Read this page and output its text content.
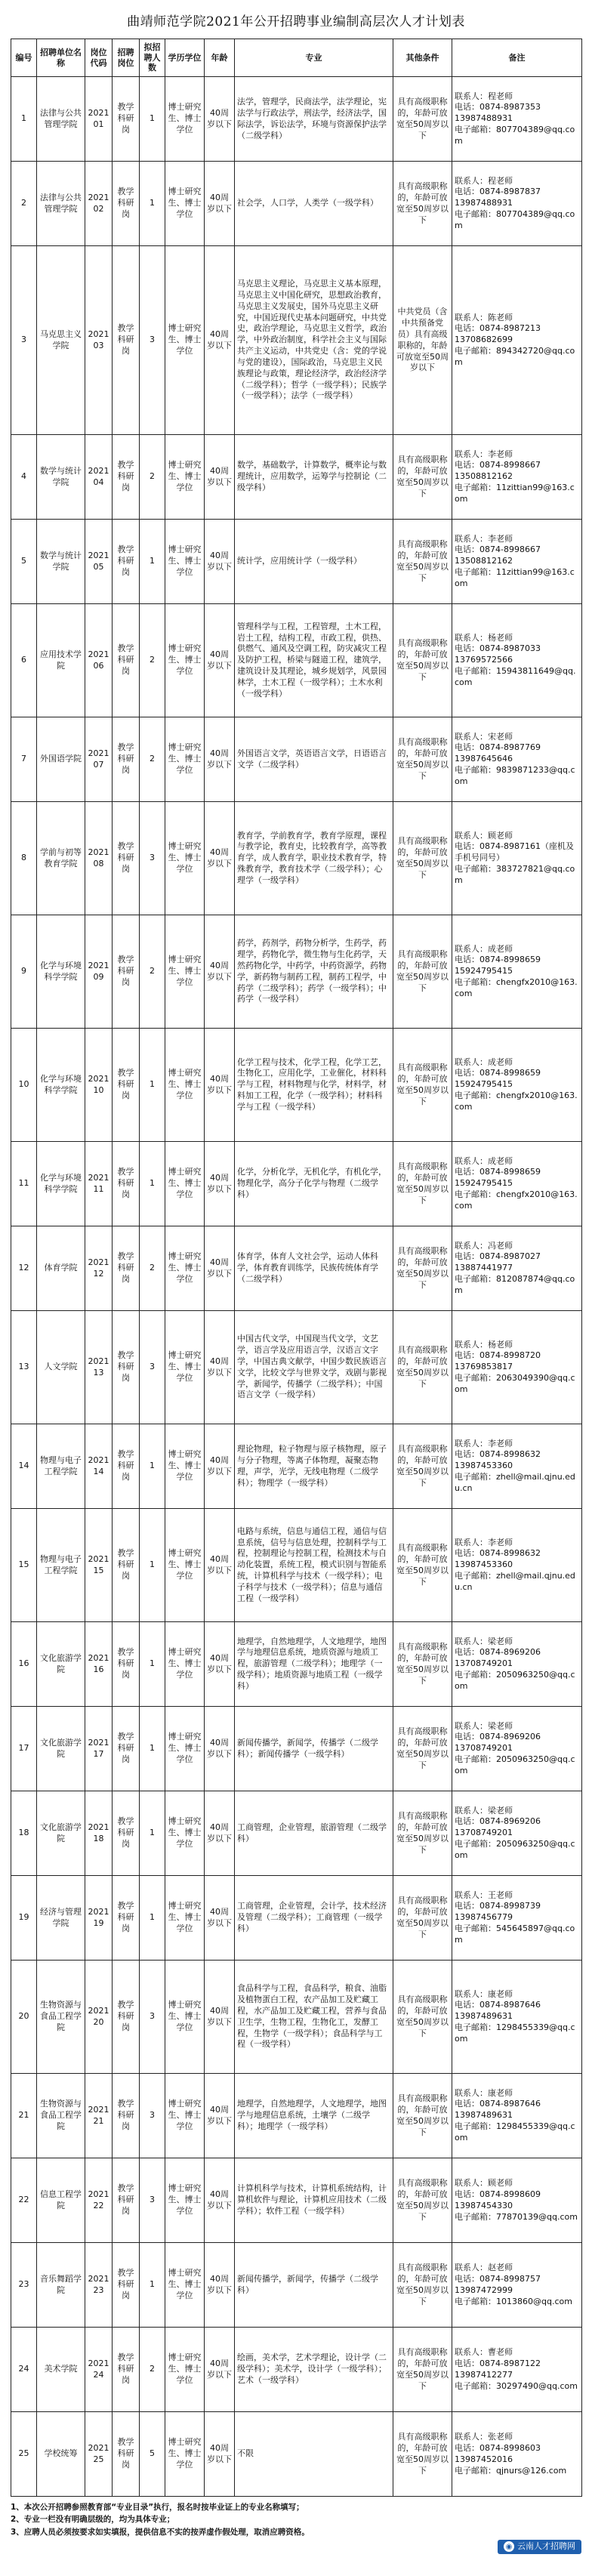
曲靖师范学院2021年公开招聘事业编制高层次人才计划表
编号	招聘单位名称	岗位代码	招聘岗位	拟招聘人数	学历学位	年龄	专业	其他条件	备注
1	法律与公共管理学院	202101	教学科研岗	1	博士研究生、博士学位	40周岁以下	法学，管理学，民商法学，法学理论，宪法学与行政法学，刑法学，经济法学，国际法学，诉讼法学，环境与资源保护法学（二级学科）	具有高级职称的，年龄可放宽至50周岁以下	联系人：程老师
电话：0874-8987353
13987488931
电子邮箱：807704389@qq.com
2	法律与公共管理学院	202102	教学科研岗	1	博士研究生、博士学位	40周岁以下	社会学，人口学，人类学（一级学科）	具有高级职称的，年龄可放宽至50周岁以下	联系人：程老师
电话：0874-8987837
13987488931
电子邮箱：807704389@qq.com
3	马克思主义学院	202103	教学科研岗	3	博士研究生、博士学位	40周岁以下	马克思主义理论，马克思主义基本原理，马克思主义中国化研究，思想政治教育，马克思主义发展史，国外马克思主义研究，中国近现代史基本问题研究，中共党史，政治学理论，马克思主义哲学，政治学，中外政治制度，科学社会主义与国际共产主义运动，中共党史（含：党的学说与党的建设），国际政治，马克思主义民族理论与政策，理论经济学，政治经济学（二级学科）；哲学（一级学科）；民族学（一级学科）；法学（一级学科）	中共党员（含中共预备党员）具有高级职称的，年龄可放宽至50周岁以下	联系人：陈老师
电话：0874-8987213
13708682699
电子邮箱：894342720@qq.com
4	数学与统计学院	202104	教学科研岗	2	博士研究生、博士学位	40周岁以下	数学，基础数学，计算数学，概率论与数理统计，应用数学，运筹学与控制论（二级学科）	具有高级职称的，年龄可放宽至50周岁以下	联系人：李老师
电话：0874-8998667
13508812162
电子邮箱：11zittian99@163.com
5	数学与统计学院	202105	教学科研岗	1	博士研究生、博士学位	40周岁以下	统计学，应用统计学（一级学科）	具有高级职称的，年龄可放宽至50周岁以下	联系人：李老师
电话：0874-8998667
13508812162
电子邮箱：11zittian99@163.com
6	应用技术学院	202106	教学科研岗	2	博士研究生、博士学位	40周岁以下	管理科学与工程，工程管理，土木工程，岩土工程，结构工程，市政工程，供热、供燃气、通风及空调工程，防灾减灾工程及防护工程，桥梁与隧道工程，建筑学，建筑设计及其理论，城乡规划学，风景园林学，土木工程（一级学科）；土木水利（一级学科）	具有高级职称的，年龄可放宽至50周岁以下	联系人：杨老师
电话：0874-8987033
13769572566
电子邮箱：15943811649@qq.com
7	外国语学院	202107	教学科研岗	2	博士研究生、博士学位	40周岁以下	外国语言文学，英语语言文学，日语语言文学（二级学科）	具有高级职称的，年龄可放宽至50周岁以下	联系人：宋老师
电话：0874-8987769
13987645646
电子邮箱：9839871233@qq.com
8	学前与初等教育学院	202108	教学科研岗	3	博士研究生、博士学位	40周岁以下	教育学，学前教育学，教育学原理，课程与教学论，教育史，比较教育学，高等教育学，成人教育学，职业技术教育学，特殊教育学，教育技术学（二级学科）；心理学（一级学科）	具有高级职称的，年龄可放宽至50周岁以下	联系人：顾老师
电话：0874-8987161（座机及手机号同号）
电子邮箱：383727821@qq.com
9	化学与环境科学学院	202109	教学科研岗	2	博士研究生、博士学位	40周岁以下	药学，药剂学，药物分析学，生药学，药理学，药物化学，微生物与生化药学，天然药物化学，中药学，中药资源学，药物学，新药物与制药工程，制药工程学，中药学（二级学科）；药学（一级学科）；中药学（一级学科）	具有高级职称的，年龄可放宽至50周岁以下	联系人：成老师
电话：0874-8998659
15924795415
电子邮箱：chengfx2010@163.com
10	化学与环境科学学院	202110	教学科研岗	1	博士研究生、博士学位	40周岁以下	化学工程与技术，化学工程，化学工艺，生物化工，应用化学，工业催化，材料科学与工程，材料物理与化学，材料学，材料加工工程，化学（一级学科）；材料科学与工程（一级学科）	具有高级职称的，年龄可放宽至50周岁以下	联系人：成老师
电话：0874-8998659
15924795415
电子邮箱：chengfx2010@163.com
11	化学与环境科学学院	202111	教学科研岗	1	博士研究生、博士学位	40周岁以下	化学，分析化学，无机化学，有机化学，物理化学，高分子化学与物理（二级学科）	具有高级职称的，年龄可放宽至50周岁以下	联系人：成老师
电话：0874-8998659
15924795415
电子邮箱：chengfx2010@163.com
12	体育学院	202112	教学科研岗	2	博士研究生、博士学位	40周岁以下	体育学，体育人文社会学，运动人体科学，体育教育训练学，民族传统体育学（二级学科）	具有高级职称的，年龄可放宽至50周岁以下	联系人：冯老师
电话：0874-8987027
13887441977
电子邮箱：812087874@qq.com
13	人文学院	202113	教学科研岗	3	博士研究生、博士学位	40周岁以下	中国古代文学，中国现当代文学，文艺学，语言学及应用语言学，汉语言文字学，中国古典文献学，中国少数民族语言文学，比较文学与世界文学，戏剧与影视学，新闻学，传播学（二级学科）；中国语言文学（一级学科）	具有高级职称的，年龄可放宽至50周岁以下	联系人：杨老师
电话：0874-8998720
13769853817
电子邮箱：2063049390@qq.com
14	物理与电子工程学院	202114	教学科研岗	1	博士研究生、博士学位	40周岁以下	理论物理，粒子物理与原子核物理，原子与分子物理，等离子体物理，凝聚态物理，声学，光学，无线电物理（二级学科）；物理学（一级学科）	具有高级职称的，年龄可放宽至50周岁以下	联系人：李老师
电话：0874-8998632
13987453360
电子邮箱：zhell@mail.qjnu.edu.cn
15	物理与电子工程学院	202115	教学科研岗	1	博士研究生、博士学位	40周岁以下	电路与系统，信息与通信工程，通信与信息系统，信号与信息处理，控制科学与工程，控制理论与控制工程，检测技术与自动化装置，系统工程，模式识别与智能系统，计算机科学与技术（一级学科）；电子科学与技术（一级学科）；信息与通信工程（一级学科）	具有高级职称的，年龄可放宽至50周岁以下	联系人：李老师
电话：0874-8998632
13987453360
电子邮箱：zhell@mail.qjnu.edu.cn
16	文化旅游学院	202116	教学科研岗	1	博士研究生、博士学位	40周岁以下	地理学，自然地理学，人文地理学，地图学与地理信息系统，地质资源与地质工程，旅游管理（二级学科）；地理学（一级学科）；地质资源与地质工程（一级学科）	具有高级职称的，年龄可放宽至50周岁以下	联系人：梁老师
电话：0874-8969206
13708749201
电子邮箱：2050963250@qq.com
17	文化旅游学院	202117	教学科研岗	1	博士研究生、博士学位	40周岁以下	新闻传播学，新闻学，传播学（二级学科）；新闻传播学（一级学科）	具有高级职称的，年龄可放宽至50周岁以下	联系人：梁老师
电话：0874-8969206
13708749201
电子邮箱：2050963250@qq.com
18	文化旅游学院	202118	教学科研岗	1	博士研究生、博士学位	40周岁以下	工商管理，企业管理，旅游管理（二级学科）	具有高级职称的，年龄可放宽至50周岁以下	联系人：梁老师
电话：0874-8969206
13708749201
电子邮箱：2050963250@qq.com
19	经济与管理学院	202119	教学科研岗	1	博士研究生、博士学位	40周岁以下	工商管理，企业管理，会计学，技术经济及管理（二级学科）；工商管理（一级学科）	具有高级职称的，年龄可放宽至50周岁以下	联系人：王老师
电话：0874-8998739
13987456779
电子邮箱：545645897@qq.com
20	生物资源与食品工程学院	202120	教学科研岗	3	博士研究生、博士学位	40周岁以下	食品科学与工程，食品科学，粮食、油脂及植物蛋白工程，农产品加工及贮藏工程，水产品加工及贮藏工程，营养与食品卫生学，生物工程，生物化工，发酵工程，生物学（一级学科）；食品科学与工程（一级学科）	具有高级职称的，年龄可放宽至50周岁以下	联系人：康老师
电话：0874-8987646
13987489631
电子邮箱：1298455339@qq.com
21	生物资源与食品工程学院	202121	教学科研岗	3	博士研究生、博士学位	40周岁以下	地理学，自然地理学，人文地理学，地图学与地理信息系统，土壤学（二级学科）；地理学（一级学科）	具有高级职称的，年龄可放宽至50周岁以下	联系人：康老师
电话：0874-8987646
13987489631
电子邮箱：1298455339@qq.com
22	信息工程学院	202122	教学科研岗	3	博士研究生、博士学位	40周岁以下	计算机科学与技术，计算机系统结构，计算机软件与理论，计算机应用技术（二级学科）；软件工程（一级学科）	具有高级职称的，年龄可放宽至50周岁以下	联系人：顾老师
电话：0874-8998609
13987454330
电子邮箱：77870139@qq.com
23	音乐舞蹈学院	202123	教学科研岗	1	博士研究生、博士学位	40周岁以下	新闻传播学，新闻学，传播学（二级学科）	具有高级职称的，年龄可放宽至50周岁以下	联系人：赵老师
电话：0874-8998757
13987472999
电子邮箱：1013860@qq.com
24	美术学院	202124	教学科研岗	2	博士研究生、博士学位	40周岁以下	绘画，美术学，艺术学理论，设计学（二级学科）；美术学，设计学（一级学科）；艺术（一级学科）	具有高级职称的，年龄可放宽至50周岁以下	联系人：曹老师
电话：0874-8987122
13987412277
电子邮箱：30297490@qq.com
25	学校统筹	202125	教学科研岗	5	博士研究生、博士学位	40周岁以下	不限	具有高级职称的，年龄可放宽至50周岁以下	联系人：张老师
电话：0874-8998603
13987452016
电子邮箱：qjnurs@126.com
1、本次公开招聘参照教育部“专业目录”执行，报名时按毕业证上的专业名称填写；
2、专业一栏没有明确层级的，均为具体专业；
3、应聘人员必须按要求如实填报，提供信息不实的按弄虚作假处理，取消应聘资格。
◉ 云南人才招聘网
